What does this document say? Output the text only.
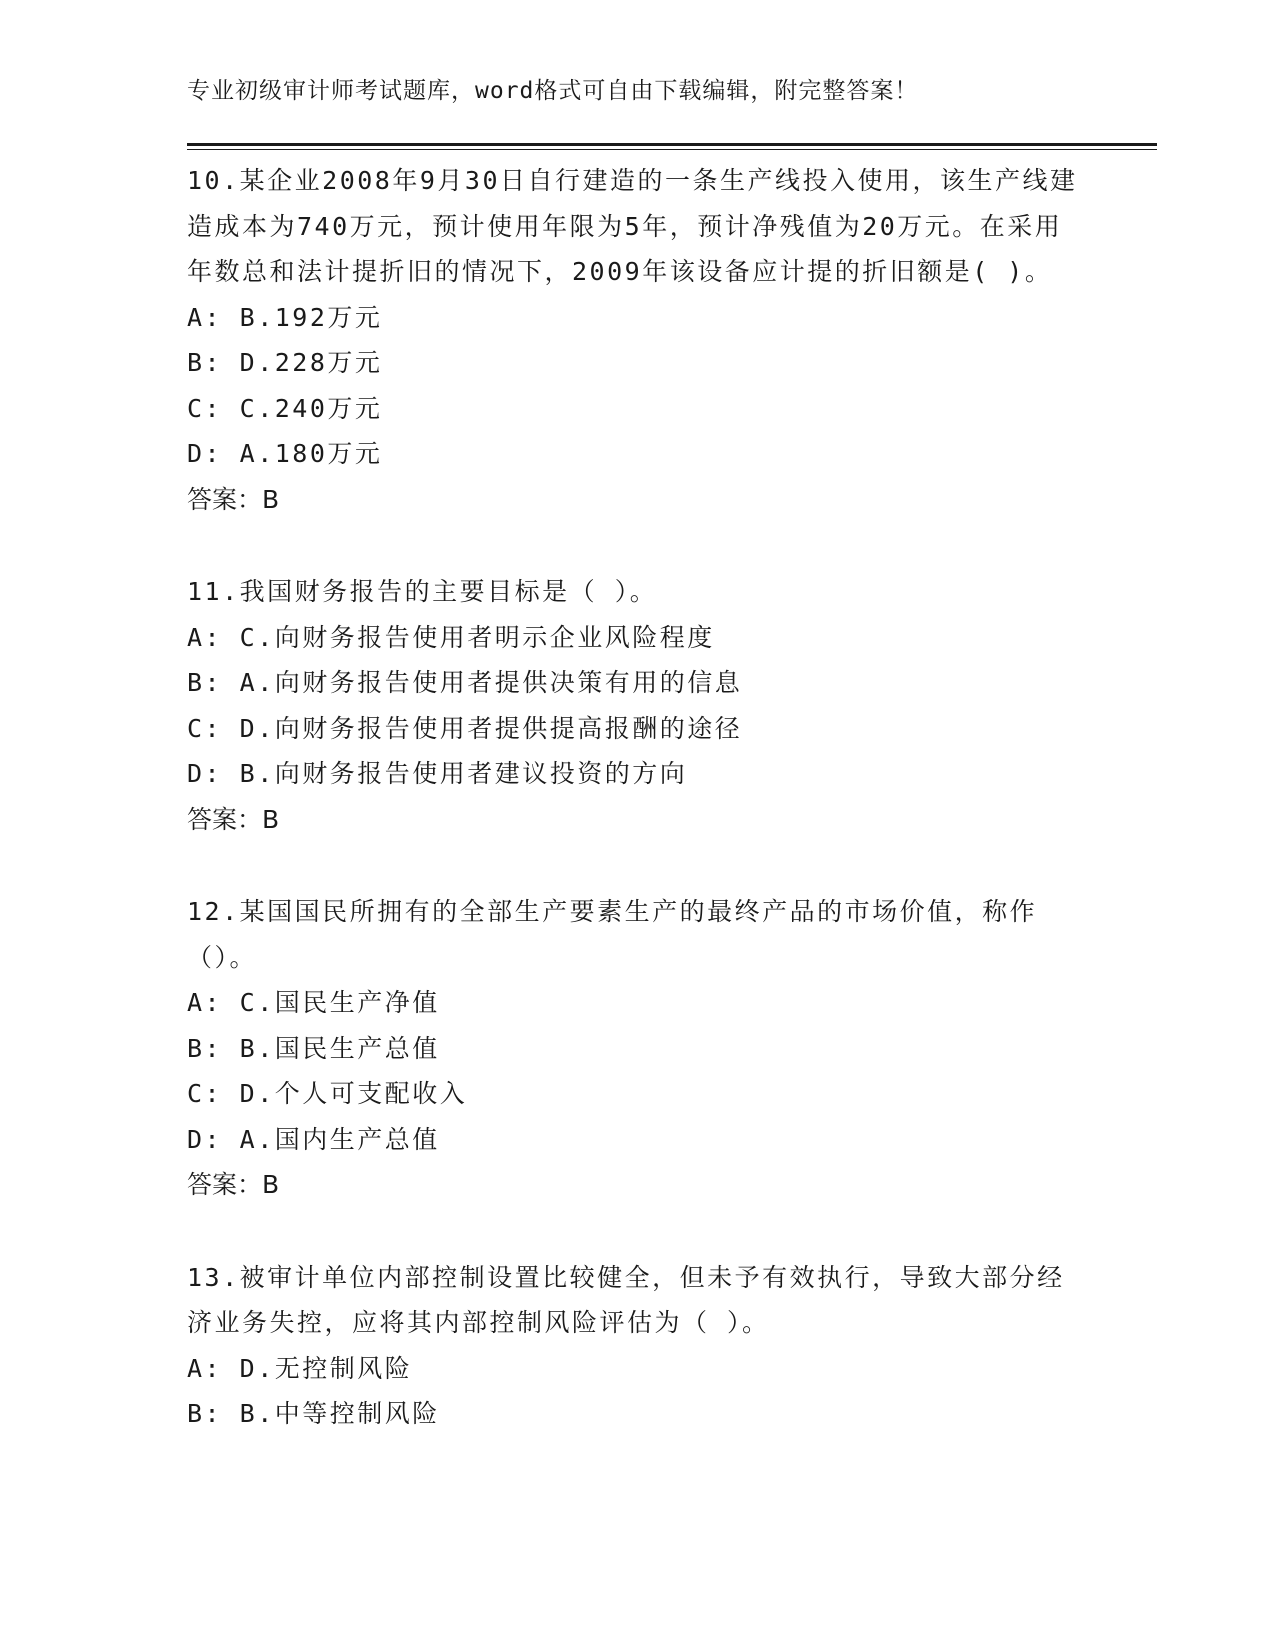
专业初级审计师考试题库，word格式可自由下载编辑，附完整答案！

10.某企业2008年9月30日自行建造的一条生产线投入使用，该生产线建造成本为740万元，预计使用年限为5年，预计净残值为20万元。在采用年数总和法计提折旧的情况下，2009年该设备应计提的折旧额是( )。

A: B.192万元

B: D.228万元

C: C.240万元

D: A.180万元

答案：B

11.我国财务报告的主要目标是（ ）。

A: C.向财务报告使用者明示企业风险程度

B: A.向财务报告使用者提供决策有用的信息

C: D.向财务报告使用者提供提高报酬的途径

D: B.向财务报告使用者建议投资的方向

答案：B

12.某国国民所拥有的全部生产要素生产的最终产品的市场价值，称作（）。

A: C.国民生产净值

B: B.国民生产总值

C: D.个人可支配收入

D: A.国内生产总值

答案：B

13.被审计单位内部控制设置比较健全，但未予有效执行，导致大部分经济业务失控，应将其内部控制风险评估为（ ）。

A: D.无控制风险

B: B.中等控制风险
